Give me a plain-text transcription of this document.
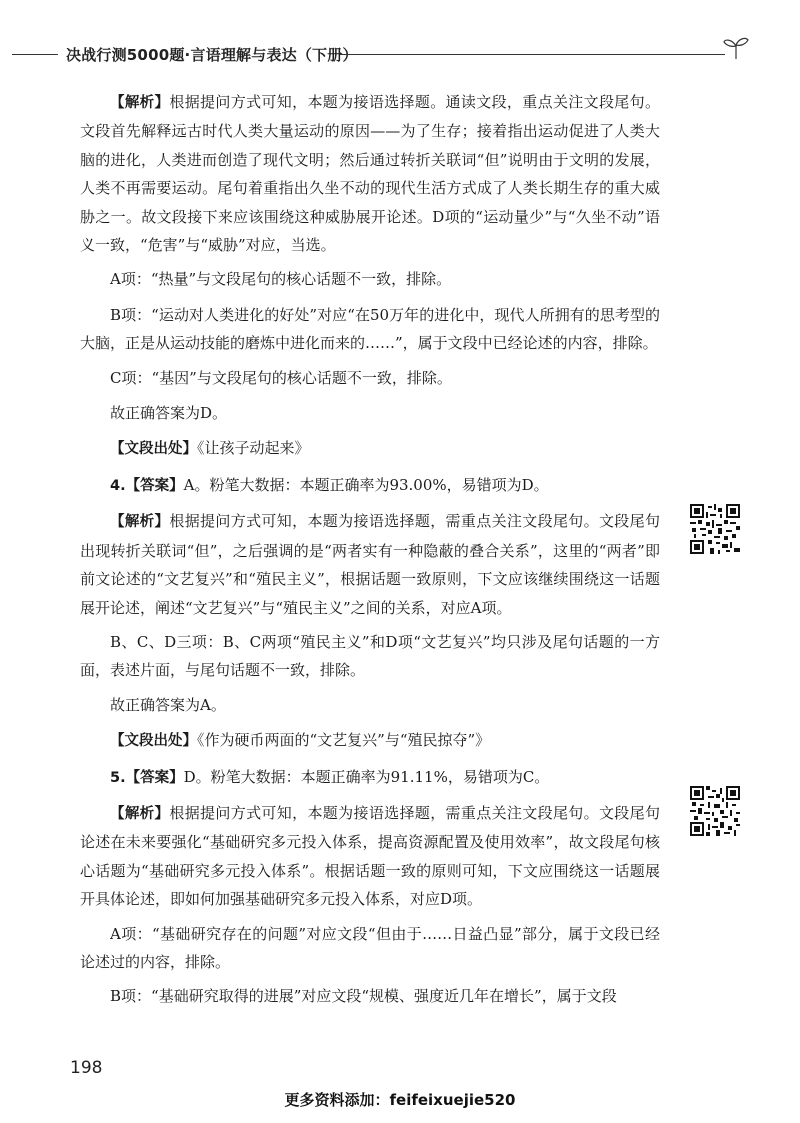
决战行测5000题·言语理解与表达（下册）

【解析】根据提问方式可知，本题为接语选择题。通读文段，重点关注文段尾句。文段首先解释远古时代人类大量运动的原因——为了生存；接着指出运动促进了人类大脑的进化，人类进而创造了现代文明；然后通过转折关联词“但”说明由于文明的发展，人类不再需要运动。尾句着重指出久坐不动的现代生活方式成了人类长期生存的重大威胁之一。故文段接下来应该围绕这种威胁展开论述。D项的“运动量少”与“久坐不动”语义一致，“危害”与“威胁”对应，当选。

A项：“热量”与文段尾句的核心话题不一致，排除。

B项：“运动对人类进化的好处”对应“在50万年的进化中，现代人所拥有的思考型的大脑，正是从运动技能的磨炼中进化而来的……”，属于文段中已经论述的内容，排除。

C项：“基因”与文段尾句的核心话题不一致，排除。

故正确答案为D。

【文段出处】《让孩子动起来》

4.【答案】A。粉笔大数据：本题正确率为93.00%，易错项为D。

【解析】根据提问方式可知，本题为接语选择题，需重点关注文段尾句。文段尾句出现转折关联词“但”，之后强调的是“两者实有一种隐蔽的叠合关系”，这里的“两者”即前文论述的“文艺复兴”和“殖民主义”，根据话题一致原则，下文应该继续围绕这一话题展开论述，阐述“文艺复兴”与“殖民主义”之间的关系，对应A项。

B、C、D三项：B、C两项“殖民主义”和D项“文艺复兴”均只涉及尾句话题的一方面，表述片面，与尾句话题不一致，排除。

故正确答案为A。

【文段出处】《作为硬币两面的“文艺复兴”与“殖民掠夺”》

5.【答案】D。粉笔大数据：本题正确率为91.11%，易错项为C。

【解析】根据提问方式可知，本题为接语选择题，需重点关注文段尾句。文段尾句论述在未来要强化“基础研究多元投入体系，提高资源配置及使用效率”，故文段尾句核心话题为“基础研究多元投入体系”。根据话题一致的原则可知，下文应围绕这一话题展开具体论述，即如何加强基础研究多元投入体系，对应D项。

A项：“基础研究存在的问题”对应文段“但由于……日益凸显”部分，属于文段已经论述过的内容，排除。

B项：“基础研究取得的进展”对应文段“规模、强度近几年在增长”，属于文段

198
更多资料添加：feifeixuejie520
